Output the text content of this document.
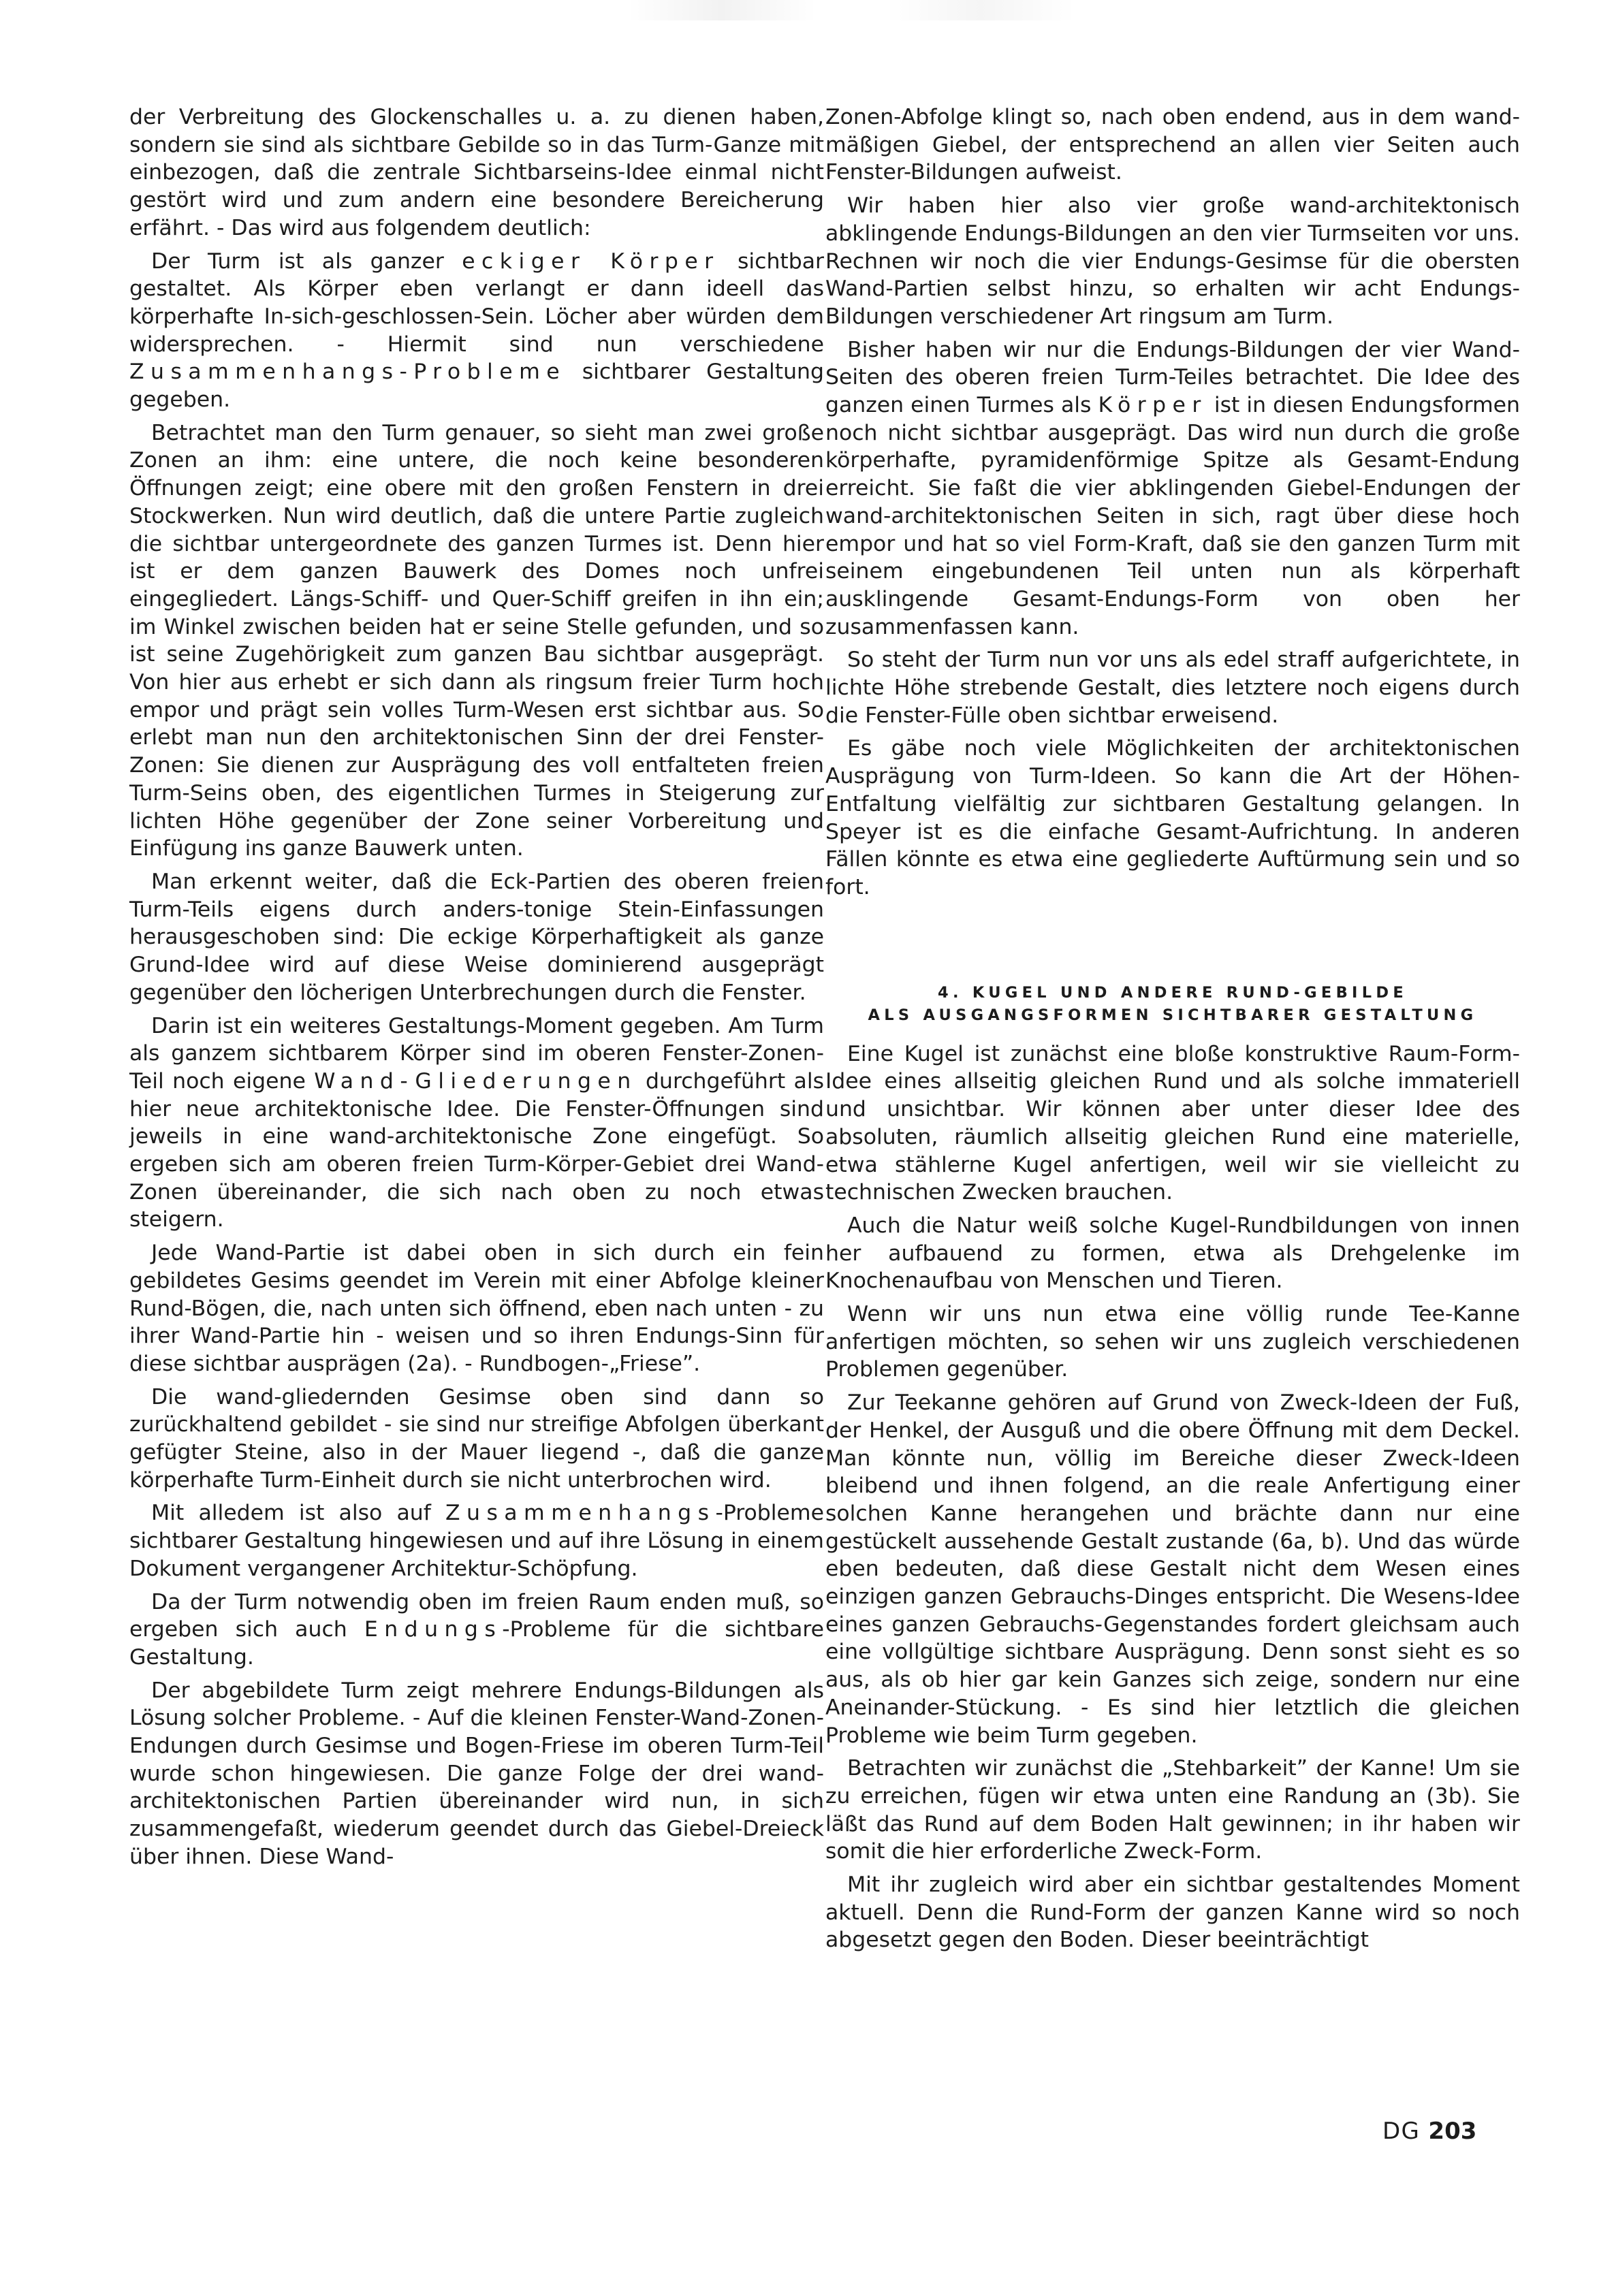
der Verbreitung des Glockenschalles u. a. zu dienen haben, sondern sie sind als sichtbare Gebilde so in das Turm-Ganze mit einbezogen, daß die zentrale Sichtbarseins-Idee einmal nicht gestört wird und zum andern eine besondere Bereicherung erfährt. - Das wird aus folgendem deutlich:

Der Turm ist als ganzer eckiger Körper sichtbar gestaltet. Als Körper eben verlangt er dann ideell das körperhafte In-sich-geschlossen-Sein. Löcher aber würden dem widersprechen. - Hiermit sind nun verschiedene Zusammenhangs-Probleme sichtbarer Gestaltung gegeben.

Betrachtet man den Turm genauer, so sieht man zwei große Zonen an ihm: eine untere, die noch keine besonderen Öffnungen zeigt; eine obere mit den großen Fenstern in drei Stockwerken. Nun wird deutlich, daß die untere Partie zugleich die sichtbar untergeordnete des ganzen Turmes ist. Denn hier ist er dem ganzen Bauwerk des Domes noch unfrei eingegliedert. Längs-Schiff- und Quer-Schiff greifen in ihn ein; im Winkel zwischen beiden hat er seine Stelle gefunden, und so ist seine Zugehörigkeit zum ganzen Bau sichtbar ausgeprägt. Von hier aus erhebt er sich dann als ringsum freier Turm hoch empor und prägt sein volles Turm-Wesen erst sichtbar aus. So erlebt man nun den architektonischen Sinn der drei Fenster-Zonen: Sie dienen zur Ausprägung des voll entfalteten freien Turm-Seins oben, des eigentlichen Turmes in Steigerung zur lichten Höhe gegenüber der Zone seiner Vorbereitung und Einfügung ins ganze Bauwerk unten.

Man erkennt weiter, daß die Eck-Partien des oberen freien Turm-Teils eigens durch anders-tonige Stein-Einfassungen herausgeschoben sind: Die eckige Körperhaftigkeit als ganze Grund-Idee wird auf diese Weise dominierend ausgeprägt gegenüber den löcherigen Unterbrechungen durch die Fenster.

Darin ist ein weiteres Gestaltungs-Moment gegeben. Am Turm als ganzem sichtbarem Körper sind im oberen Fenster-Zonen-Teil noch eigene Wand-Gliederungen durchgeführt als hier neue architektonische Idee. Die Fenster-Öffnungen sind jeweils in eine wand-architektonische Zone eingefügt. So ergeben sich am oberen freien Turm-Körper-Gebiet drei Wand-Zonen übereinander, die sich nach oben zu noch etwas steigern.

Jede Wand-Partie ist dabei oben in sich durch ein fein gebildetes Gesims geendet im Verein mit einer Abfolge kleiner Rund-Bögen, die, nach unten sich öffnend, eben nach unten - zu ihrer Wand-Partie hin - weisen und so ihren Endungs-Sinn für diese sichtbar ausprägen (2a). - Rundbogen-„Friese”.

Die wand-gliedernden Gesimse oben sind dann so zurückhaltend gebildet - sie sind nur streifige Abfolgen überkant gefügter Steine, also in der Mauer liegend -, daß die ganze körperhafte Turm-Einheit durch sie nicht unterbrochen wird.

Mit alledem ist also auf Zusammenhangs-Probleme sichtbarer Gestaltung hingewiesen und auf ihre Lösung in einem Dokument vergangener Architektur-Schöpfung.

Da der Turm notwendig oben im freien Raum enden muß, so ergeben sich auch Endungs-Probleme für die sichtbare Gestaltung.

Der abgebildete Turm zeigt mehrere Endungs-Bildungen als Lösung solcher Probleme. - Auf die kleinen Fenster-Wand-Zonen-Endungen durch Gesimse und Bogen-Friese im oberen Turm-Teil wurde schon hingewiesen. Die ganze Folge der drei wand-architektonischen Partien übereinander wird nun, in sich zusammengefaßt, wiederum geendet durch das Giebel-Dreieck über ihnen. Diese Wand-

Zonen-Abfolge klingt so, nach oben endend, aus in dem wand-mäßigen Giebel, der entsprechend an allen vier Seiten auch Fenster-Bildungen aufweist.

Wir haben hier also vier große wand-architektonisch abklingende Endungs-Bildungen an den vier Turmseiten vor uns. Rechnen wir noch die vier Endungs-Gesimse für die obersten Wand-Partien selbst hinzu, so erhalten wir acht Endungs-Bildungen verschiedener Art ringsum am Turm.

Bisher haben wir nur die Endungs-Bildungen der vier Wand-Seiten des oberen freien Turm-Teiles betrachtet. Die Idee des ganzen einen Turmes als Körper ist in diesen Endungsformen noch nicht sichtbar ausgeprägt. Das wird nun durch die große körperhafte, pyramidenförmige Spitze als Gesamt-Endung erreicht. Sie faßt die vier abklingenden Giebel-Endungen der wand-architektonischen Seiten in sich, ragt über diese hoch empor und hat so viel Form-Kraft, daß sie den ganzen Turm mit seinem eingebundenen Teil unten nun als körperhaft ausklingende Gesamt-Endungs-Form von oben her zusammenfassen kann.

So steht der Turm nun vor uns als edel straff aufgerichtete, in lichte Höhe strebende Gestalt, dies letztere noch eigens durch die Fenster-Fülle oben sichtbar erweisend.

Es gäbe noch viele Möglichkeiten der architektonischen Ausprägung von Turm-Ideen. So kann die Art der Höhen-Entfaltung vielfältig zur sichtbaren Gestaltung gelangen. In Speyer ist es die einfache Gesamt-Aufrichtung. In anderen Fällen könnte es etwa eine gegliederte Auftürmung sein und so fort.

4. KUGEL UND ANDERE RUND-GEBILDE
ALS AUSGANGSFORMEN SICHTBARER GESTALTUNG

Eine Kugel ist zunächst eine bloße konstruktive Raum-Form-Idee eines allseitig gleichen Rund und als solche immateriell und unsichtbar. Wir können aber unter dieser Idee des absoluten, räumlich allseitig gleichen Rund eine materielle, etwa stählerne Kugel anfertigen, weil wir sie vielleicht zu technischen Zwecken brauchen.

Auch die Natur weiß solche Kugel-Rundbildungen von innen her aufbauend zu formen, etwa als Drehgelenke im Knochenaufbau von Menschen und Tieren.

Wenn wir uns nun etwa eine völlig runde Tee-Kanne anfertigen möchten, so sehen wir uns zugleich verschiedenen Problemen gegenüber.

Zur Teekanne gehören auf Grund von Zweck-Ideen der Fuß, der Henkel, der Ausguß und die obere Öffnung mit dem Deckel. Man könnte nun, völlig im Bereiche dieser Zweck-Ideen bleibend und ihnen folgend, an die reale Anfertigung einer solchen Kanne herangehen und brächte dann nur eine gestückelt aussehende Gestalt zustande (6a, b). Und das würde eben bedeuten, daß diese Gestalt nicht dem Wesen eines einzigen ganzen Gebrauchs-Dinges entspricht. Die Wesens-Idee eines ganzen Gebrauchs-Gegenstandes fordert gleichsam auch eine vollgültige sichtbare Ausprägung. Denn sonst sieht es so aus, als ob hier gar kein Ganzes sich zeige, sondern nur eine Aneinander-Stückung. - Es sind hier letztlich die gleichen Probleme wie beim Turm gegeben.

Betrachten wir zunächst die „Stehbarkeit” der Kanne! Um sie zu erreichen, fügen wir etwa unten eine Randung an (3b). Sie läßt das Rund auf dem Boden Halt gewinnen; in ihr haben wir somit die hier erforderliche Zweck-Form.

Mit ihr zugleich wird aber ein sichtbar gestaltendes Moment aktuell. Denn die Rund-Form der ganzen Kanne wird so noch abgesetzt gegen den Boden. Dieser beeinträchtigt

DG 203
